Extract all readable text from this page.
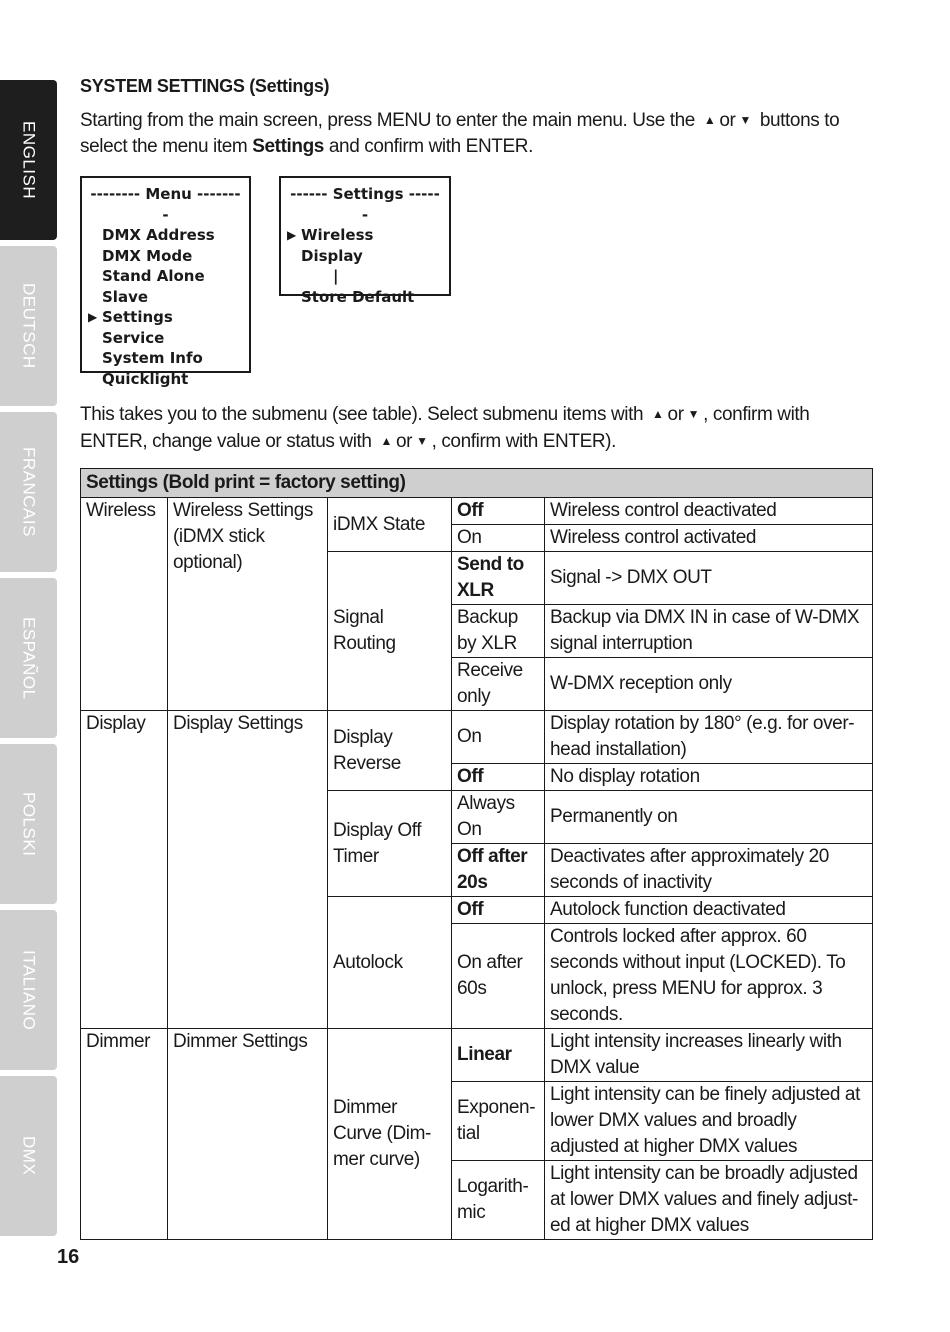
ENGLISH
DEUTSCH
FRANCAIS
ESPAÑOL
POLSKI
ITALIANO
DMX
16
SYSTEM SETTINGS (Settings)

Starting from the main screen, press MENU to enter the main menu. Use the ▲ or ▼ buttons to select the menu item Settings and confirm with ENTER.

-------- Menu --------
DMX Address
DMX Mode
Stand Alone
Slave
▶ Settings
Service
System Info
Quicklight
------ Settings ------
▶ Wireless
Display
|
Store Default

This takes you to the submenu (see table). Select submenu items with ▲ or ▼ , confirm with ENTER, change value or status with ▲ or ▼ , confirm with ENTER).

Settings (Bold print = factory setting)				
Wireless	Wireless Settings (iDMX stick optional)	iDMX State	Off	Wireless control deactivated
			On	Wireless control activated
		Signal Routing	Send to XLR	Signal -> DMX OUT
			Backup by XLR	Backup via DMX IN in case of W-DMX signal interruption
			Receive only	W-DMX reception only
Display	Display Settings	Display Reverse	On	Display rotation by 180° (e.g. for over-head installation)
			Off	No display rotation
		Display Off Timer	Always On	Permanently on
			Off after 20s	Deactivates after approximately 20 seconds of inactivity
		Autolock	Off	Autolock function deactivated
			On after 60s	Controls locked after approx. 60 seconds without input (LOCKED). To unlock, press MENU for approx. 3 seconds.
Dimmer	Dimmer Settings	Dimmer Curve (Dim-mer curve)	Linear	Light intensity increases linearly with DMX value
			Exponen-tial	Light intensity can be finely adjusted at lower DMX values and broadly adjusted at higher DMX values
			Logarith-mic	Light intensity can be broadly adjusted at lower DMX values and finely adjust-ed at higher DMX values
